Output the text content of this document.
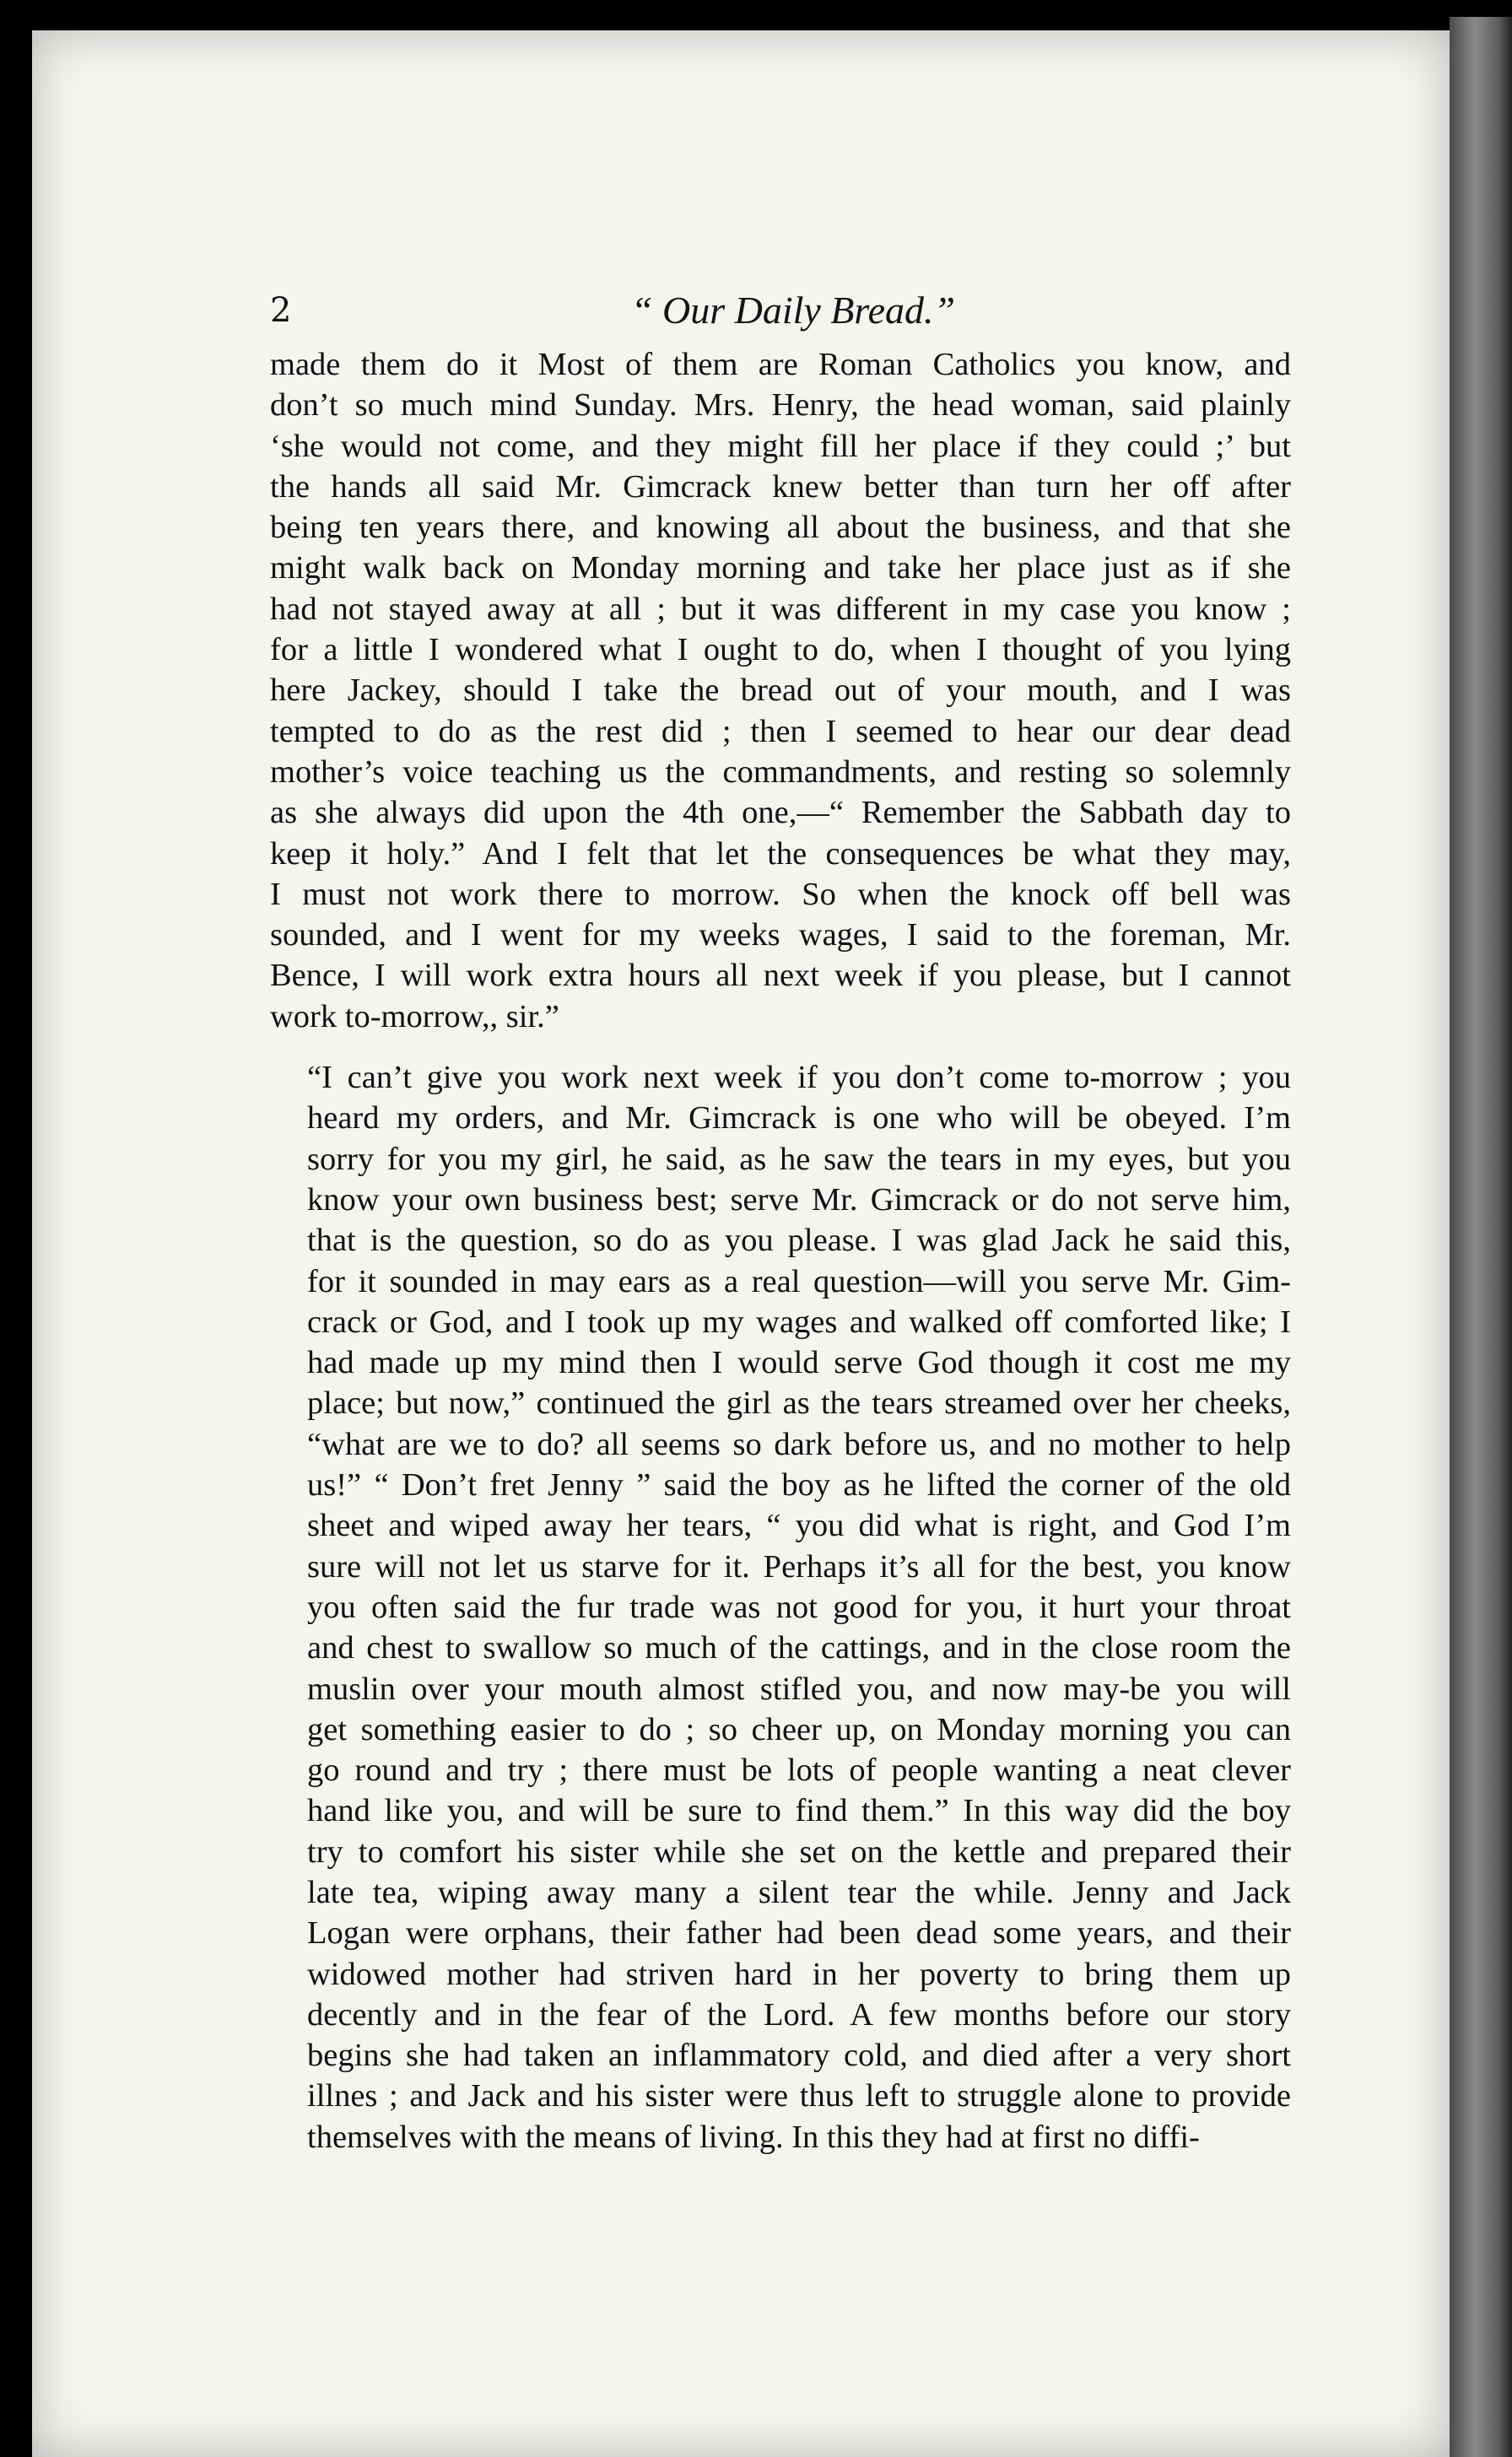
2	“ Our Daily Bread.”

made them do it Most of them are Roman Catholics you know, and
don’t so much mind Sunday. Mrs. Henry, the head woman, said plainly
‘she would not come, and they might fill her place if they could ;’ but
the hands all said Mr. Gimcrack knew better than turn her off after
being ten years there, and knowing all about the business, and that she
might walk back on Monday morning and take her place just as if she
had not stayed away at all ; but it was different in my case you know ;
for a little I wondered what I ought to do, when I thought of you lying
here Jackey, should I take the bread out of your mouth, and I was
tempted to do as the rest did ; then I seemed to hear our dear dead
mother’s voice teaching us the commandments, and resting so solemnly
as she always did upon the 4th one,—“ Remember the Sabbath day to
keep it holy.” And I felt that let the consequences be what they may,
I must not work there to morrow. So when the knock off bell was
sounded, and I went for my weeks wages, I said to the foreman, Mr.
Bence, I will work extra hours all next week if you please, but I cannot
work to-morrow,, sir.”

“I can’t give you work next week if you don’t come to-morrow ; you
heard my orders, and Mr. Gimcrack is one who will be obeyed. I’m
sorry for you my girl, he said, as he saw the tears in my eyes, but you
know your own business best; serve Mr. Gimcrack or do not serve him,
that is the question, so do as you please. I was glad Jack he said this,
for it sounded in may ears as a real question—will you serve Mr. Gim-
crack or God, and I took up my wages and walked off comforted like; I
had made up my mind then I would serve God though it cost me my
place; but now,” continued the girl as the tears streamed over her cheeks,
“what are we to do? all seems so dark before us, and no mother to help
us!” “ Don’t fret Jenny ” said the boy as he lifted the corner of the old
sheet and wiped away her tears, “ you did what is right, and God I’m
sure will not let us starve for it. Perhaps it’s all for the best, you know
you often said the fur trade was not good for you, it hurt your throat
and chest to swallow so much of the cattings, and in the close room the
muslin over your mouth almost stifled you, and now may-be you will
get something easier to do ; so cheer up, on Monday morning you can
go round and try ; there must be lots of people wanting a neat clever
hand like you, and will be sure to find them.” In this way did the boy
try to comfort his sister while she set on the kettle and prepared their
late tea, wiping away many a silent tear the while. Jenny and Jack
Logan were orphans, their father had been dead some years, and their
widowed mother had striven hard in her poverty to bring them up
decently and in the fear of the Lord. A few months before our story
begins she had taken an inflammatory cold, and died after a very short
illnes ; and Jack and his sister were thus left to struggle alone to provide
themselves with the means of living. In this they had at first no diffi-
